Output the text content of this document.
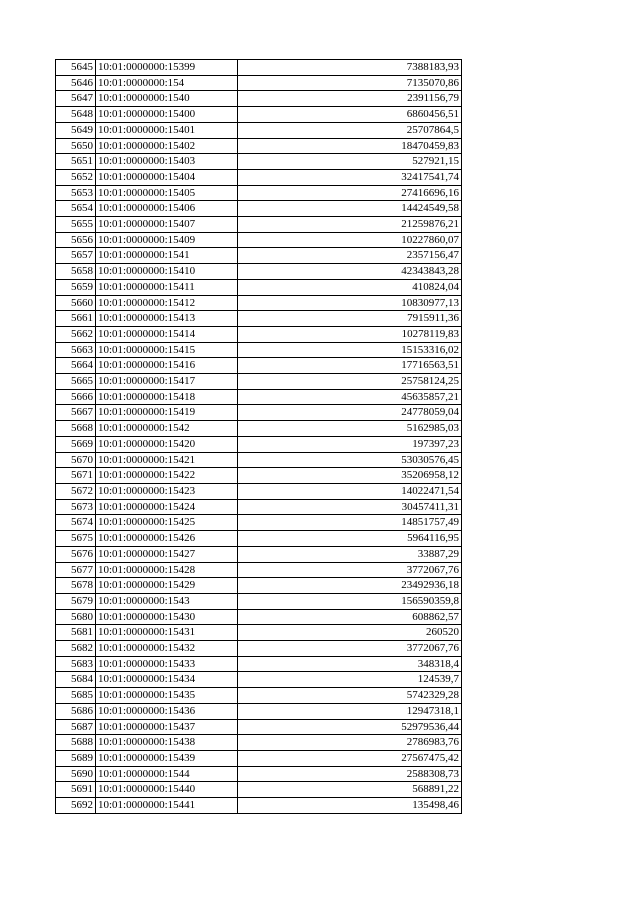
5645	10:01:0000000:15399	7388183,93
5646	10:01:0000000:154	7135070,86
5647	10:01:0000000:1540	2391156,79
5648	10:01:0000000:15400	6860456,51
5649	10:01:0000000:15401	25707864,5
5650	10:01:0000000:15402	18470459,83
5651	10:01:0000000:15403	527921,15
5652	10:01:0000000:15404	32417541,74
5653	10:01:0000000:15405	27416696,16
5654	10:01:0000000:15406	14424549,58
5655	10:01:0000000:15407	21259876,21
5656	10:01:0000000:15409	10227860,07
5657	10:01:0000000:1541	2357156,47
5658	10:01:0000000:15410	42343843,28
5659	10:01:0000000:15411	410824,04
5660	10:01:0000000:15412	10830977,13
5661	10:01:0000000:15413	7915911,36
5662	10:01:0000000:15414	10278119,83
5663	10:01:0000000:15415	15153316,02
5664	10:01:0000000:15416	17716563,51
5665	10:01:0000000:15417	25758124,25
5666	10:01:0000000:15418	45635857,21
5667	10:01:0000000:15419	24778059,04
5668	10:01:0000000:1542	5162985,03
5669	10:01:0000000:15420	197397,23
5670	10:01:0000000:15421	53030576,45
5671	10:01:0000000:15422	35206958,12
5672	10:01:0000000:15423	14022471,54
5673	10:01:0000000:15424	30457411,31
5674	10:01:0000000:15425	14851757,49
5675	10:01:0000000:15426	5964116,95
5676	10:01:0000000:15427	33887,29
5677	10:01:0000000:15428	3772067,76
5678	10:01:0000000:15429	23492936,18
5679	10:01:0000000:1543	156590359,8
5680	10:01:0000000:15430	608862,57
5681	10:01:0000000:15431	260520
5682	10:01:0000000:15432	3772067,76
5683	10:01:0000000:15433	348318,4
5684	10:01:0000000:15434	124539,7
5685	10:01:0000000:15435	5742329,28
5686	10:01:0000000:15436	12947318,1
5687	10:01:0000000:15437	52979536,44
5688	10:01:0000000:15438	2786983,76
5689	10:01:0000000:15439	27567475,42
5690	10:01:0000000:1544	2588308,73
5691	10:01:0000000:15440	568891,22
5692	10:01:0000000:15441	135498,46
